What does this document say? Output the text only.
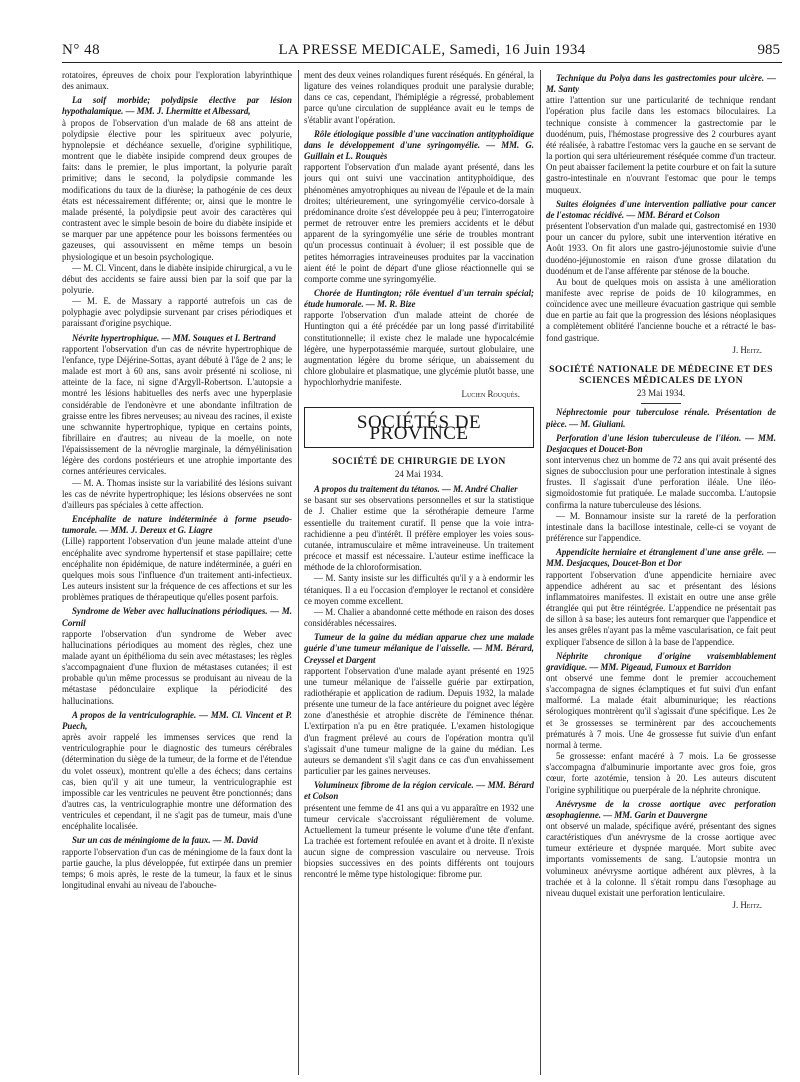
N° 48	LA PRESSE MEDICALE, Samedi, 16 Juin 1934	985

rotatoires, épreuves de choix pour l'exploration labyrinthique des animaux.

La soif morbide; polydipsie élective par lésion hypothalamique. — MM. J. Lhermitte et Albessard,

à propos de l'observation d'un malade de 68 ans atteint de polydipsie élective pour les spiritueux avec polyurie, hypnolepsie et déchéance sexuelle, d'origine syphilitique, montrent que le diabète insipide comprend deux groupes de faits: dans le premier, le plus important, la polyurie paraît primitive; dans le second, la polydipsie commande les modifications du taux de la diurèse; la pathogénie de ces deux états est nécessairement différente; or, ainsi que le montre le malade présenté, la polydipsie peut avoir des caractères qui contrastent avec le simple besoin de boire du diabète insipide et se marquer par une appétence pour les boissons fermentées ou gazeuses, qui assouvissent en même temps un besoin physiologique et un besoin psychologique.

— M. Cl. Vincent, dans le diabète insipide chirurgical, a vu le début des accidents se faire aussi bien par la soif que par la polyurie.

— M. E. de Massary a rapporté autrefois un cas de polyphagie avec polydipsie survenant par crises périodiques et paraissant d'origine psychique.

Névrite hypertrophique. — MM. Souques et I. Bertrand

rapportent l'observation d'un cas de névrite hypertrophique de l'enfance, type Déjérine-Sottas, ayant débuté à l'âge de 2 ans; le malade est mort à 60 ans, sans avoir présenté ni scoliose, ni atteinte de la face, ni signe d'Argyll-Robertson. L'autopsie a montré les lésions habituelles des nerfs avec une hyperplasie considérable de l'endonèvre et une abondante infiltration de graisse entre les fibres nerveuses; au niveau des racines, il existe une schwannite hypertrophique, typique en certains points, fibrillaire en d'autres; au niveau de la moelle, on note l'épaississement de la névroglie marginale, la démyélinisation légère des cordons postérieurs et une atrophie importante des cornes antérieures cervicales.

— M. A. Thomas insiste sur la variabilité des lésions suivant les cas de névrite hypertrophique; les lésions observées ne sont d'ailleurs pas spéciales à cette affection.

Encéphalite de nature indéterminée à forme pseudo-tumorale. — MM. J. Dereux et G. Liagre

(Lille) rapportent l'observation d'un jeune malade atteint d'une encéphalite avec syndrome hypertensif et stase papillaire; cette encéphalite non épidémique, de nature indéterminée, a guéri en quelques mois sous l'influence d'un traitement anti-infectieux. Les auteurs insistent sur la fréquence de ces affections et sur les problèmes pratiques de thérapeutique qu'elles posent parfois.

Syndrome de Weber avec hallucinations périodiques. — M. Cornil

rapporte l'observation d'un syndrome de Weber avec hallucinations périodiques au moment des règles, chez une malade ayant un épithélioma du sein avec métastases; les règles s'accompagnaient d'une fluxion de métastases cutanées; il est probable qu'un même processus se produisant au niveau de la métastase pédonculaire explique la périodicité des hallucinations.

A propos de la ventriculographie. — MM. Cl. Vincent et P. Puech,

après avoir rappelé les immenses services que rend la ventriculographie pour le diagnostic des tumeurs cérébrales (détermination du siège de la tumeur, de la forme et de l'étendue du volet osseux), montrent qu'elle a des échecs; dans certains cas, bien qu'il y ait une tumeur, la ventriculographie est impossible car les ventricules ne peuvent être ponctionnés; dans d'autres cas, la ventriculographie montre une déformation des ventricules et cependant, il ne s'agit pas de tumeur, mais d'une encéphalite localisée.

Sur un cas de méningiome de la faux. — M. David

rapporte l'observation d'un cas de méningiome de la faux dont la partie gauche, la plus développée, fut extirpée dans un premier temps; 6 mois après, le reste de la tumeur, la faux et le sinus longitudinal envahi au niveau de l'abouche-

ment des deux veines rolandiques furent réséqués. En général, la ligature des veines rolandiques produit une paralysie durable; dans ce cas, cependant, l'hémiplégie a régressé, probablement parce qu'une circulation de suppléance avait eu le temps de s'établir avant l'opération.

Rôle étiologique possible d'une vaccination antityphoïdique dans le développement d'une syringomyélie. — MM. G. Guillain et L. Rouquès

rapportent l'observation d'un malade ayant présenté, dans les jours qui ont suivi une vaccination antityphoïdique, des phénomènes amyotrophiques au niveau de l'épaule et de la main droites; ultérieurement, une syringomyélie cervico-dorsale à prédominance droite s'est développée peu à peu; l'interrogatoire permet de retrouver entre les premiers accidents et le début apparent de la syringomyélie une série de troubles montrant qu'un processus continuait à évoluer; il est possible que de petites hémorragies intraveineuses produites par la vaccination aient été le point de départ d'une gliose réactionnelle qui se comporte comme une syringomyélie.

Chorée de Huntington; rôle éventuel d'un terrain spécial; étude humorale. — M. R. Bize

rapporte l'observation d'un malade atteint de chorée de Huntington qui a été précédée par un long passé d'irritabilité constitutionnelle; il existe chez le malade une hypocalcémie légère, une hyperpotassémie marquée, surtout globulaire, une augmentation légère du brome sérique, un abaissement du chlore globulaire et plasmatique, une glycémie plutôt basse, une hypochlorhydrie manifeste.

Lucien Rouquès.
SOCIÉTÉS DE PROVINCE
SOCIÉTÉ DE CHIRURGIE DE LYON
24 Mai 1934.
A propos du traitement du tétanos. — M. André Chalier

se basant sur ses observations personnelles et sur la statistique de J. Chalier estime que la sérothérapie demeure l'arme essentielle du traitement curatif. Il pense que la voie intra-rachidienne a peu d'intérêt. Il préfère employer les voies sous-cutanée, intramusculaire et même intraveineuse. Un traitement précoce et massif est nécessaire. L'auteur estime inefficace la méthode de la chloroformisation.

— M. Santy insiste sur les difficultés qu'il y a à endormir les tétaniques. Il a eu l'occasion d'employer le rectanol et considère ce moyen comme excellent.

— M. Chalier a abandonné cette méthode en raison des doses considérables nécessaires.

Tumeur de la gaine du médian apparue chez une malade guérie d'une tumeur mélanique de l'aisselle. — MM. Bérard, Creyssel et Dargent

rapportent l'observation d'une malade ayant présenté en 1925 une tumeur mélanique de l'aisselle guérie par extirpation, radiothérapie et application de radium. Depuis 1932, la malade présente une tumeur de la face antérieure du poignet avec légère zone d'anesthésie et atrophie discrète de l'éminence thénar. L'extirpation n'a pu en être pratiquée. L'examen histologique d'un fragment prélevé au cours de l'opération montra qu'il s'agissait d'une tumeur maligne de la gaine du médian. Les auteurs se demandent s'il s'agit dans ce cas d'un envahissement particulier par les gaines nerveuses.

Volumineux fibrome de la région cervicale. — MM. Bérard et Colson

présentent une femme de 41 ans qui a vu apparaître en 1932 une tumeur cervicale s'accroissant régulièrement de volume. Actuellement la tumeur présente le volume d'une tête d'enfant. La trachée est fortement refoulée en avant et à droite. Il n'existe aucun signe de compression vasculaire ou nerveuse. Trois biopsies successives en des points différents ont toujours rencontré le même type histologique: fibrome pur.

Technique du Polya dans les gastrectomies pour ulcère. — M. Santy

attire l'attention sur une particularité de technique rendant l'opération plus facile dans les estomacs biloculaires. La technique consiste à commencer la gastrectomie par le duodénum, puis, l'hémostase progressive des 2 courbures ayant été réalisée, à rabattre l'estomac vers la gauche en se servant de la portion qui sera ultérieurement réséquée comme d'un tracteur. On peut abaisser facilement la petite courbure et on fait la suture gastro-intestinale en n'ouvrant l'estomac que pour le temps muqueux.

Suites éloignées d'une intervention palliative pour cancer de l'estomac récidivé. — MM. Bérard et Colson

présentent l'observation d'un malade qui, gastrectomisé en 1930 pour un cancer du pylore, subit une intervention itérative en Août 1933. On fit alors une gastro-jéjunostomie suivie d'une duodéno-jéjunostomie en raison d'une grosse dilatation du duodénum et de l'anse afférente par sténose de la bouche.

Au bout de quelques mois on assista à une amélioration manifeste avec reprise de poids de 10 kilogrammes, en coïncidence avec une meilleure évacuation gastrique qui semble due en partie au fait que la progression des lésions néoplasiques a complètement oblitéré l'ancienne bouche et a rétracté le bas-fond gastrique.

J. Heitz.
SOCIÉTÉ NATIONALE DE MÉDECINE ET DES SCIENCES MÉDICALES DE LYON
23 Mai 1934.
Néphrectomie pour tuberculose rénale. Présentation de pièce. — M. Giuliani.
Perforation d'une lésion tuberculeuse de l'iléon. — MM. Desjacques et Doucet-Bon

sont intervenus chez un homme de 72 ans qui avait présenté des signes de subocclusion pour une perforation intestinale à signes frustes. Il s'agissait d'une perforation iléale. Une iléo-sigmoïdostomie fut pratiquée. Le malade succomba. L'autopsie confirma la nature tuberculeuse des lésions.

— M. Bonnamour insiste sur la rareté de la perforation intestinale dans la bacillose intestinale, celle-ci se voyant de préférence sur l'appendice.

Appendicite herniaire et étranglement d'une anse grêle. — MM. Desjacques, Doucet-Bon et Dor

rapportent l'observation d'une appendicite herniaire avec appendice adhérent au sac et présentant des lésions inflammatoires manifestes. Il existait en outre une anse grêle étranglée qui put être réintégrée. L'appendice ne présentait pas de sillon à sa base; les auteurs font remarquer que l'appendice et les anses grêles n'ayant pas la même vascularisation, ce fait peut expliquer l'absence de sillon à la base de l'appendice.

Néphrite chronique d'origine vraisemblablement gravidique. — MM. Pigeaud, Fumoux et Barridon

ont observé une femme dont le premier accouchement s'accompagna de signes éclamptiques et fut suivi d'un enfant malformé. La malade était albuminurique; les réactions sérologiques montrèrent qu'il s'agissait d'une spécifique. Les 2e et 3e grossesses se terminèrent par des accouchements prématurés à 7 mois. Une 4e grossesse fut suivie d'un enfant normal à terme.

5e grossesse: enfant macéré à 7 mois. La 6e grossesse s'accompagna d'albuminurie importante avec gros foie, gros cœur, forte azotémie, tension à 20. Les auteurs discutent l'origine syphilitique ou puerpérale de la néphrite chronique.

Anévrysme de la crosse aortique avec perforation œsophagienne. — MM. Garin et Dauvergne

ont observé un malade, spécifique avéré, présentant des signes caractéristiques d'un anévrysme de la crosse aortique avec tumeur extérieure et dyspnée marquée. Mort subite avec importants vomissements de sang. L'autopsie montra un volumineux anévrysme aortique adhérent aux plèvres, à la trachée et à la colonne. Il s'était rompu dans l'œsophage au niveau duquel existait une perforation lenticulaire.

J. Heitz.
